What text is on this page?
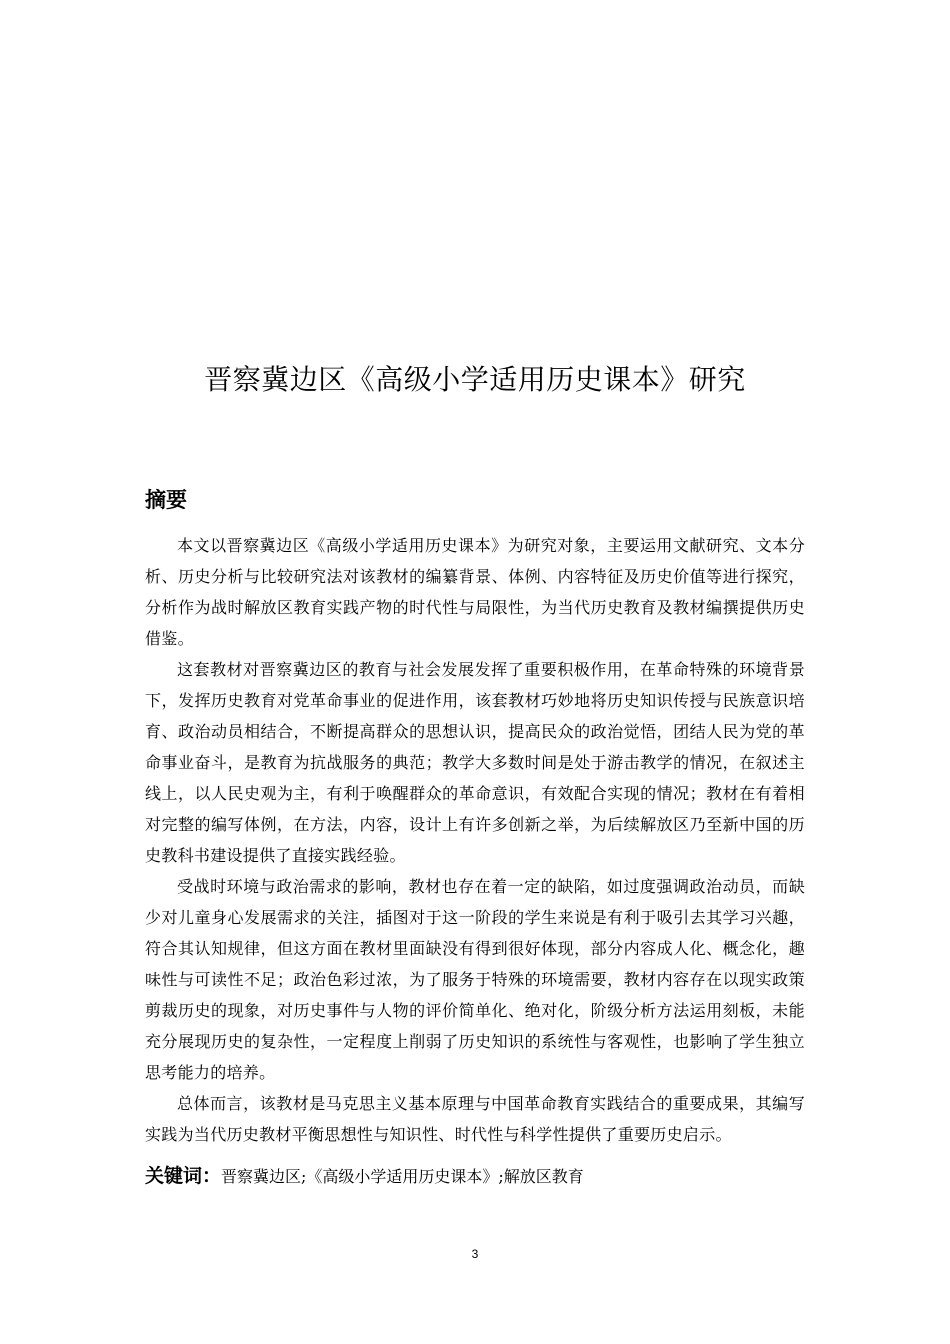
晋察冀边区《高级小学适用历史课本》研究
摘要

本文以晋察冀边区《高级小学适用历史课本》为研究对象，主要运用文献研究、文本分析、历史分析与比较研究法对该教材的编纂背景、体例、内容特征及历史价值等进行探究，分析作为战时解放区教育实践产物的时代性与局限性，为当代历史教育及教材编撰提供历史借鉴。

这套教材对晋察冀边区的教育与社会发展发挥了重要积极作用，在革命特殊的环境背景下，发挥历史教育对党革命事业的促进作用，该套教材巧妙地将历史知识传授与民族意识培育、政治动员相结合，不断提高群众的思想认识，提高民众的政治觉悟，团结人民为党的革命事业奋斗，是教育为抗战服务的典范；教学大多数时间是处于游击教学的情况，在叙述主线上，以人民史观为主，有利于唤醒群众的革命意识，有效配合实现的情况；教材在有着相对完整的编写体例，在方法，内容，设计上有许多创新之举，为后续解放区乃至新中国的历史教科书建设提供了直接实践经验。

受战时环境与政治需求的影响，教材也存在着一定的缺陷，如过度强调政治动员，而缺少对儿童身心发展需求的关注，插图对于这一阶段的学生来说是有利于吸引去其学习兴趣，符合其认知规律，但这方面在教材里面缺没有得到很好体现，部分内容成人化、概念化，趣味性与可读性不足；政治色彩过浓，为了服务于特殊的环境需要，教材内容存在以现实政策剪裁历史的现象，对历史事件与人物的评价简单化、绝对化，阶级分析方法运用刻板，未能充分展现历史的复杂性，一定程度上削弱了历史知识的系统性与客观性，也影响了学生独立思考能力的培养。

总体而言，该教材是马克思主义基本原理与中国革命教育实践结合的重要成果，其编写实践为当代历史教材平衡思想性与知识性、时代性与科学性提供了重要历史启示。

关键词：晋察冀边区;《高级小学适用历史课本》;解放区教育
3
